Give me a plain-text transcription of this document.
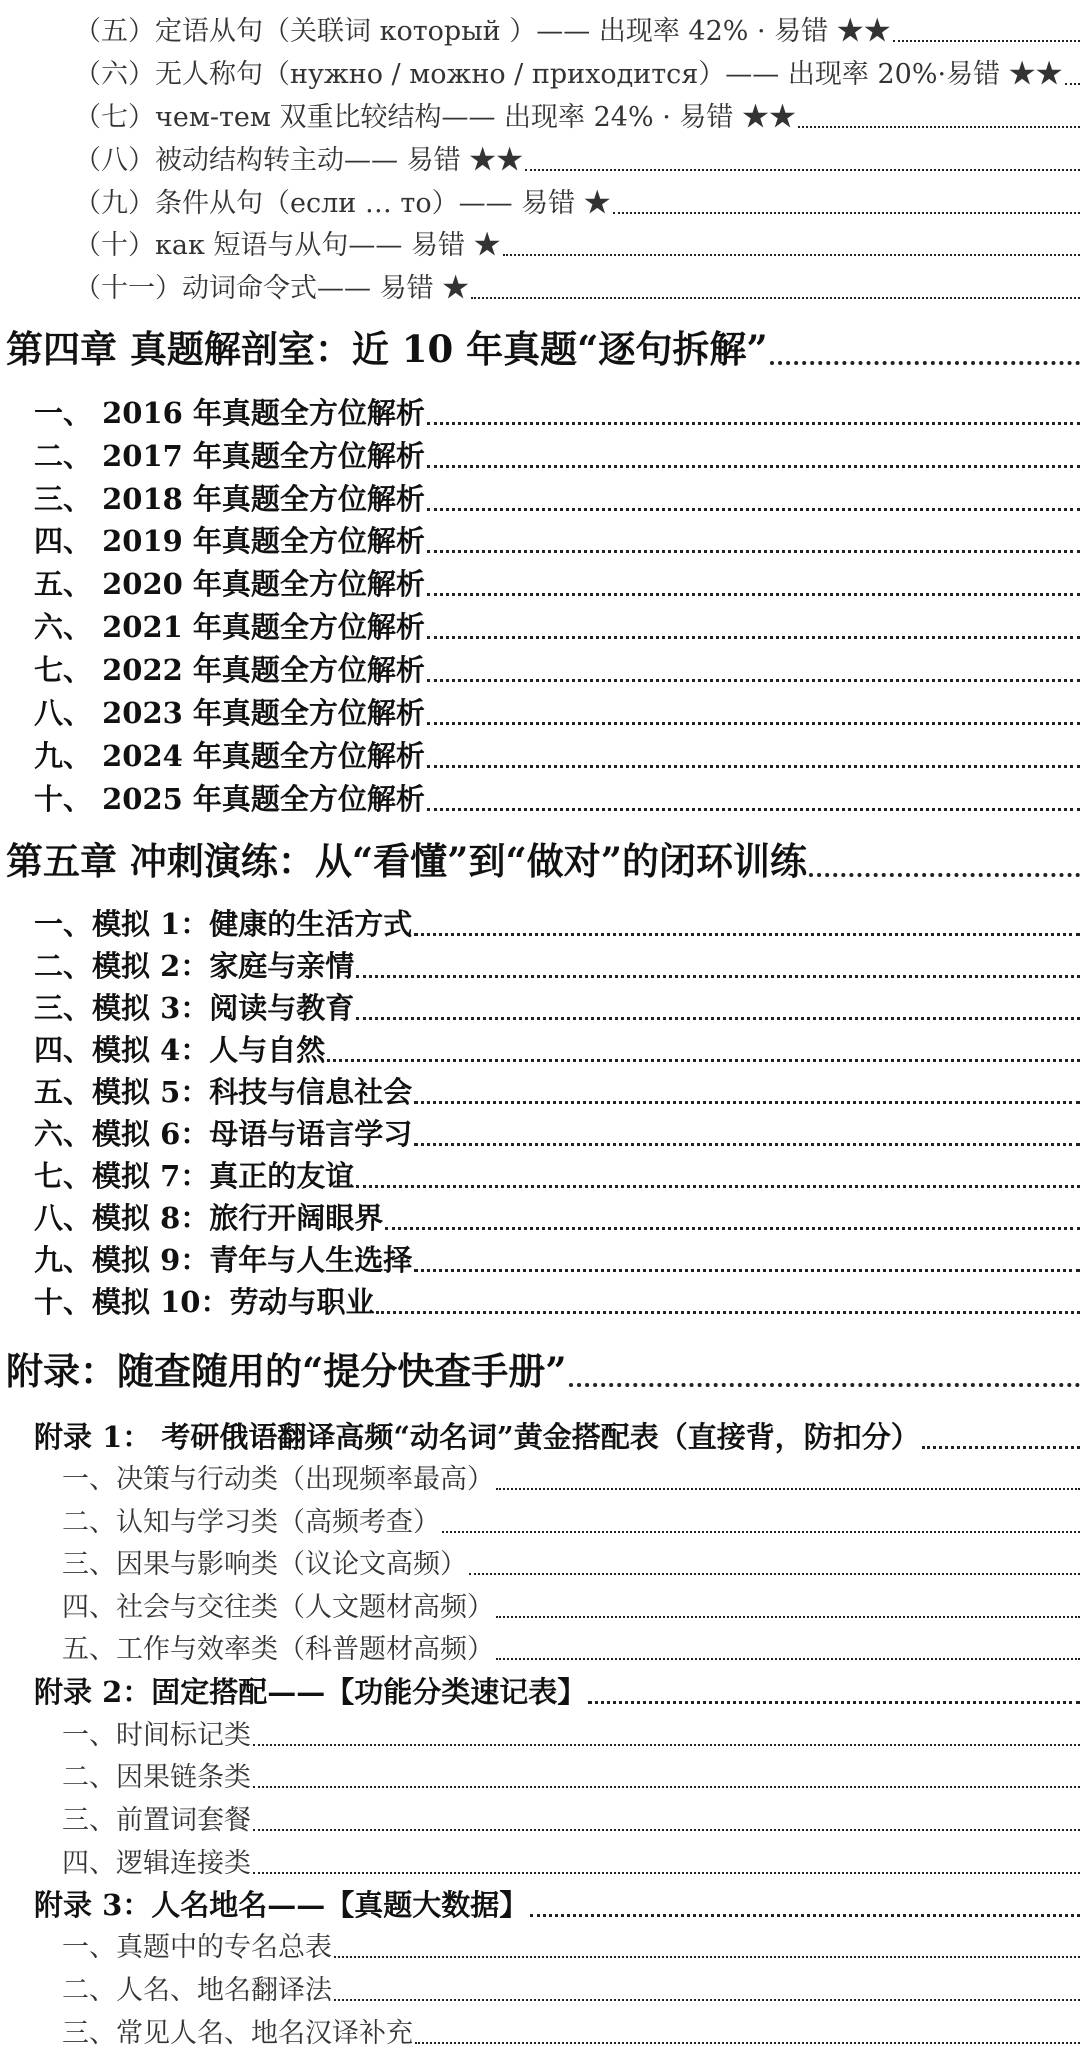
（五）定语从句（关联词 который ）—— 出现率 42% · 易错 ★★
（六）无人称句（нужно / можно / приходится）—— 出现率 20%·易错 ★★
（七）чем-тем 双重比较结构—— 出现率 24% · 易错 ★★
（八）被动结构转主动—— 易错 ★★
（九）条件从句（если … то）—— 易错 ★
（十）как 短语与从句—— 易错 ★
（十一）动词命令式—— 易错 ★
第四章 真题解剖室：近 10 年真题“逐句拆解”
一、 2016 年真题全方位解析
二、 2017 年真题全方位解析
三、 2018 年真题全方位解析
四、 2019 年真题全方位解析
五、 2020 年真题全方位解析
六、 2021 年真题全方位解析
七、 2022 年真题全方位解析
八、 2023 年真题全方位解析
九、 2024 年真题全方位解析
十、 2025 年真题全方位解析
第五章 冲刺演练：从“看懂”到“做对”的闭环训练
一、模拟 1：健康的生活方式
二、模拟 2：家庭与亲情
三、模拟 3：阅读与教育
四、模拟 4：人与自然
五、模拟 5：科技与信息社会
六、模拟 6：母语与语言学习
七、模拟 7：真正的友谊
八、模拟 8：旅行开阔眼界
九、模拟 9：青年与人生选择
十、模拟 10：劳动与职业
附录：随查随用的“提分快查手册”
附录 1： 考研俄语翻译高频“动名词”黄金搭配表（直接背，防扣分）
一、决策与行动类（出现频率最高）
二、认知与学习类（高频考查）
三、因果与影响类（议论文高频）
四、社会与交往类（人文题材高频）
五、工作与效率类（科普题材高频）
附录 2：固定搭配——【功能分类速记表】
一、时间标记类
二、因果链条类
三、前置词套餐
四、逻辑连接类
附录 3：人名地名——【真题大数据】
一、真题中的专名总表
二、人名、地名翻译法
三、常见人名、地名汉译补充
